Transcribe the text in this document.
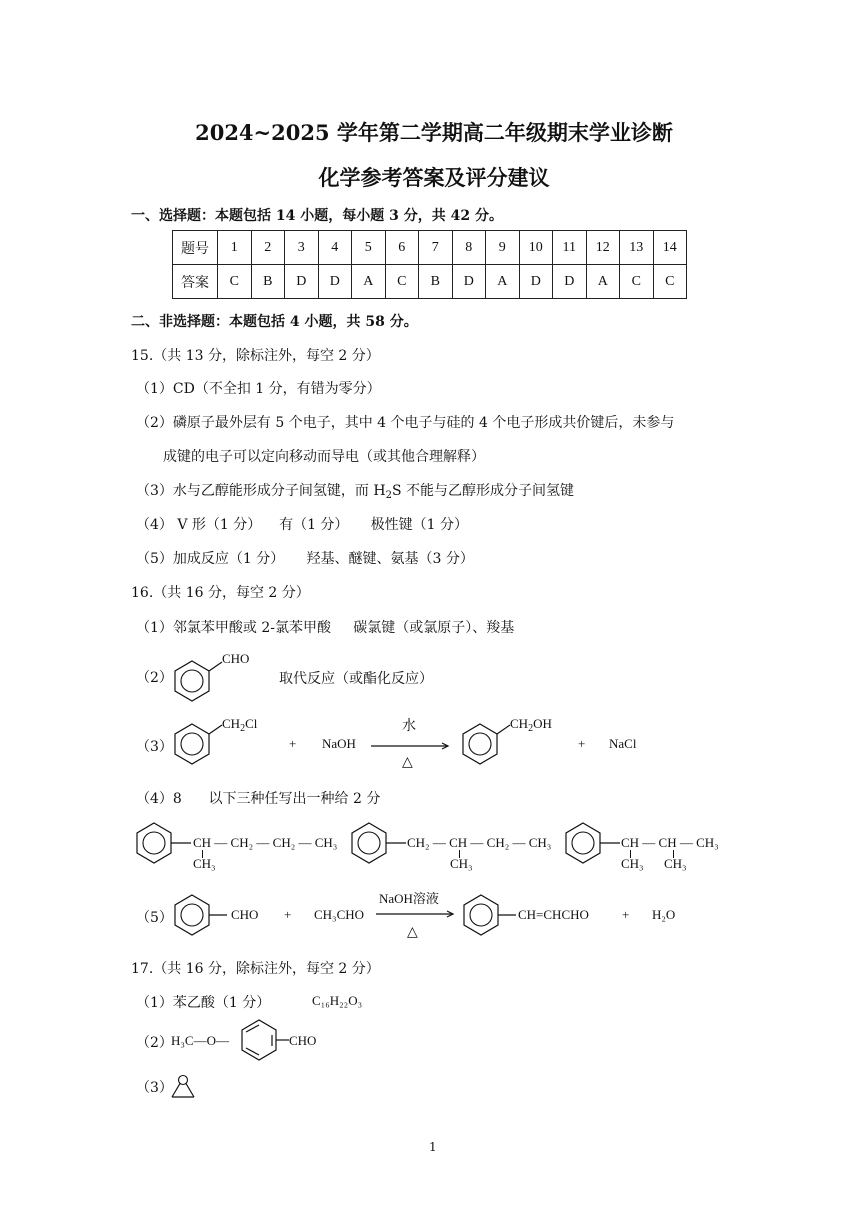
2024~2025 学年第二学期高二年级期末学业诊断
化学参考答案及评分建议
一、选择题：本题包括 14 小题，每小题 3 分，共 42 分。
题号	1	2	3	4	5	6	7	8	9	10	11	12	13	14
答案	C	B	D	D	A	C	B	D	A	D	D	A	C	C
二、非选择题：本题包括 4 小题，共 58 分。
15.（共 13 分，除标注外，每空 2 分）
（1）CD（不全扣 1 分，有错为零分）
（2）磷原子最外层有 5 个电子，其中 4 个电子与硅的 4 个电子形成共价键后，未参与
成键的电子可以定向移动而导电（或其他合理解释）
（3）水与乙醇能形成分子间氢键，而 $H_2S$ 不能与乙醇形成分子间氢键
（4） V 形（1 分）    有（1 分）     极性键（1 分）
（5）加成反应（1 分）     羟基、醚键、氨基（3 分）
16.（共 16 分，每空 2 分）
（1）邻氯苯甲酸或 2-氯苯甲酸     碳氯键（或氯原子）、羧基
（2）
CHO
取代反应（或酯化反应）
（3）
$CH_2Cl$
+ NaOH
水
△
$CH_2OH$
+ NaCl
（4）8      以下三种任写出一种给 2 分
CH — CH₂ — CH₂ — CH₃
CH₃
CH₂ — CH — CH₂ — CH₃
CH₃
CH — CH — CH₃
CH₃ CH₃
（5）	CHO + CH₃CHO
NaOH溶液
△
CH=CHCHO	+ H₂O
17.（共 16 分，除标注外，每空 2 分）
（1）苯乙酸（1 分）	C₁₆H₂₂O₃
（2）
H₃C—O—	CHO
（3）
1
